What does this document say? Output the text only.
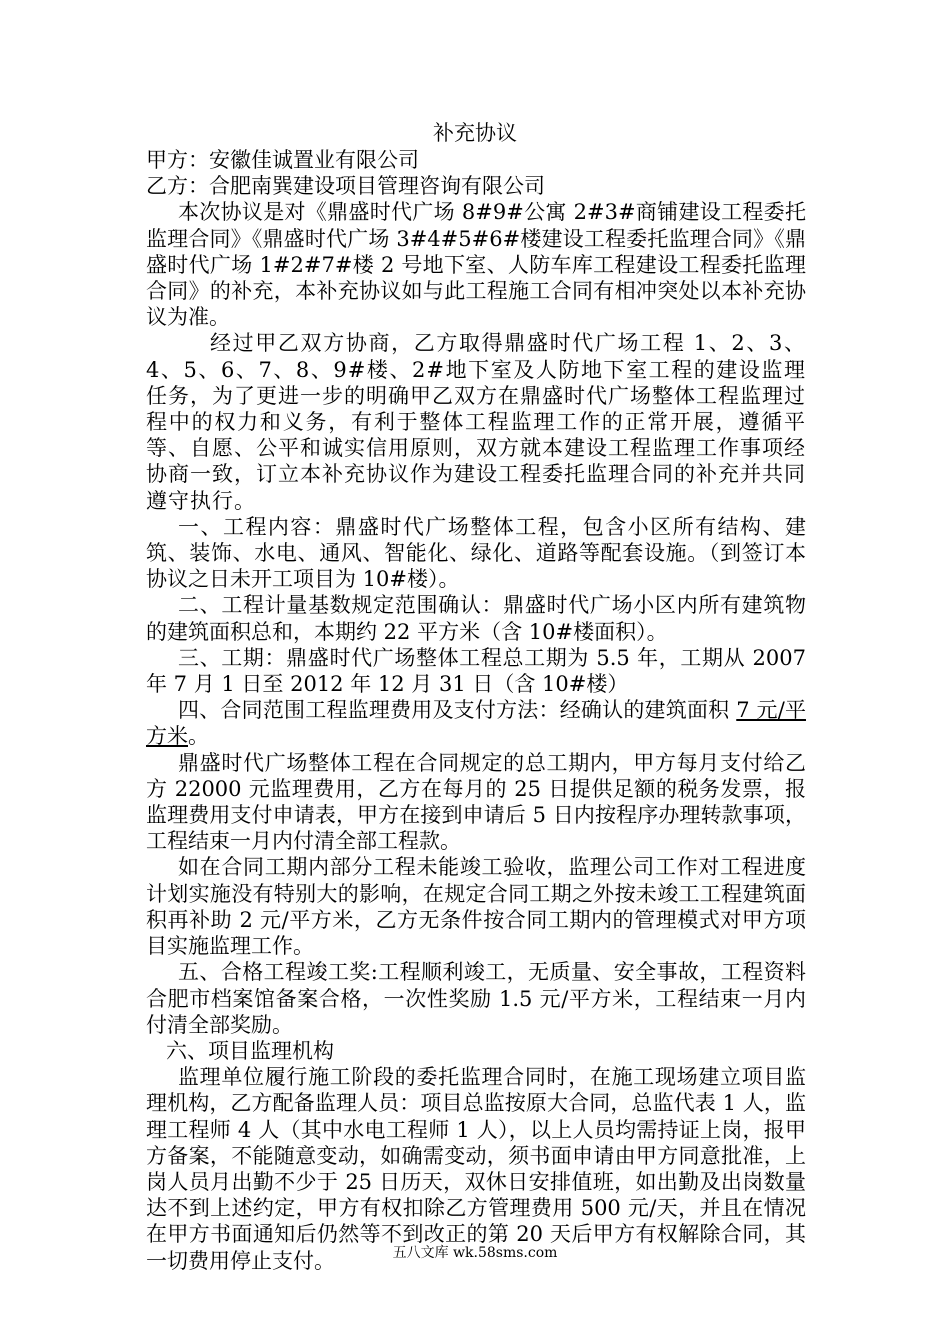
补充协议

甲方：安徽佳诚置业有限公司

乙方：合肥南巽建设项目管理咨询有限公司

本次协议是对《鼎盛时代广场 8#9#公寓 2#3#商铺建设工程委托监理合同》《鼎盛时代广场 3#4#5#6#楼建设工程委托监理合同》《鼎盛时代广场 1#2#7#楼 2 号地下室、人防车库工程建设工程委托监理合同》的补充，本补充协议如与此工程施工合同有相冲突处以本补充协议为准。

经过甲乙双方协商，乙方取得鼎盛时代广场工程 1、2、3、4、5、6、7、8、9#楼、2#地下室及人防地下室工程的建设监理任务，为了更进一步的明确甲乙双方在鼎盛时代广场整体工程监理过程中的权力和义务，有利于整体工程监理工作的正常开展，遵循平等、自愿、公平和诚实信用原则，双方就本建设工程监理工作事项经协商一致，订立本补充协议作为建设工程委托监理合同的补充并共同遵守执行。

一、工程内容：鼎盛时代广场整体工程，包含小区所有结构、建筑、装饰、水电、通风、智能化、绿化、道路等配套设施。（到签订本协议之日未开工项目为 10#楼）。

二、工程计量基数规定范围确认：鼎盛时代广场小区内所有建筑物的建筑面积总和，本期约 22 平方米（含 10#楼面积）。

三、工期：鼎盛时代广场整体工程总工期为 5.5 年，工期从 2007 年 7 月 1 日至 2012 年 12 月 31 日（含 10#楼）

四、合同范围工程监理费用及支付方法：经确认的建筑面积 7 元/平方米。

鼎盛时代广场整体工程在合同规定的总工期内，甲方每月支付给乙方 22000 元监理费用，乙方在每月的 25 日提供足额的税务发票，报监理费用支付申请表，甲方在接到申请后 5 日内按程序办理转款事项，工程结束一月内付清全部工程款。

如在合同工期内部分工程未能竣工验收，监理公司工作对工程进度计划实施没有特别大的影响，在规定合同工期之外按未竣工工程建筑面积再补助 2 元/平方米，乙方无条件按合同工期内的管理模式对甲方项目实施监理工作。

五、合格工程竣工奖:工程顺利竣工，无质量、安全事故，工程资料合肥市档案馆备案合格，一次性奖励 1.5 元/平方米，工程结束一月内付清全部奖励。

六、项目监理机构

监理单位履行施工阶段的委托监理合同时，在施工现场建立项目监理机构，乙方配备监理人员：项目总监按原大合同，总监代表 1 人，监理工程师 4 人（其中水电工程师 1 人），以上人员均需持证上岗，报甲方备案，不能随意变动，如确需变动，须书面申请由甲方同意批准，上岗人员月出勤不少于 25 日历天，双休日安排值班，如出勤及出岗数量达不到上述约定，甲方有权扣除乙方管理费用 500 元/天，并且在情况在甲方书面通知后仍然等不到改正的第 20 天后甲方有权解除合同，其一切费用停止支付。	五八文库 wk.58sms.com
